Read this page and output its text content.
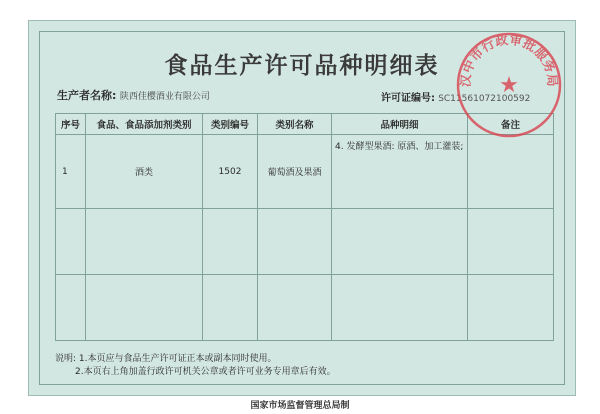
食品生产许可品种明细表
生产者名称: 陕西佳樱酒业有限公司	许可证编号: SC11561072100592
序号	食品、食品添加剂类别	类别编号	类别名称	品种明细	备注
1	酒类	1502	葡萄酒及果酒	4. 发酵型果酒: 原酒、加工灌装;	

说明: 1.本页应与食品生产许可证正本或副本同时使用。
2.本页右上角加盖行政许可机关公章或者许可业务专用章后有效。
汉中市行政审批服务局
★
国家市场监督管理总局制
